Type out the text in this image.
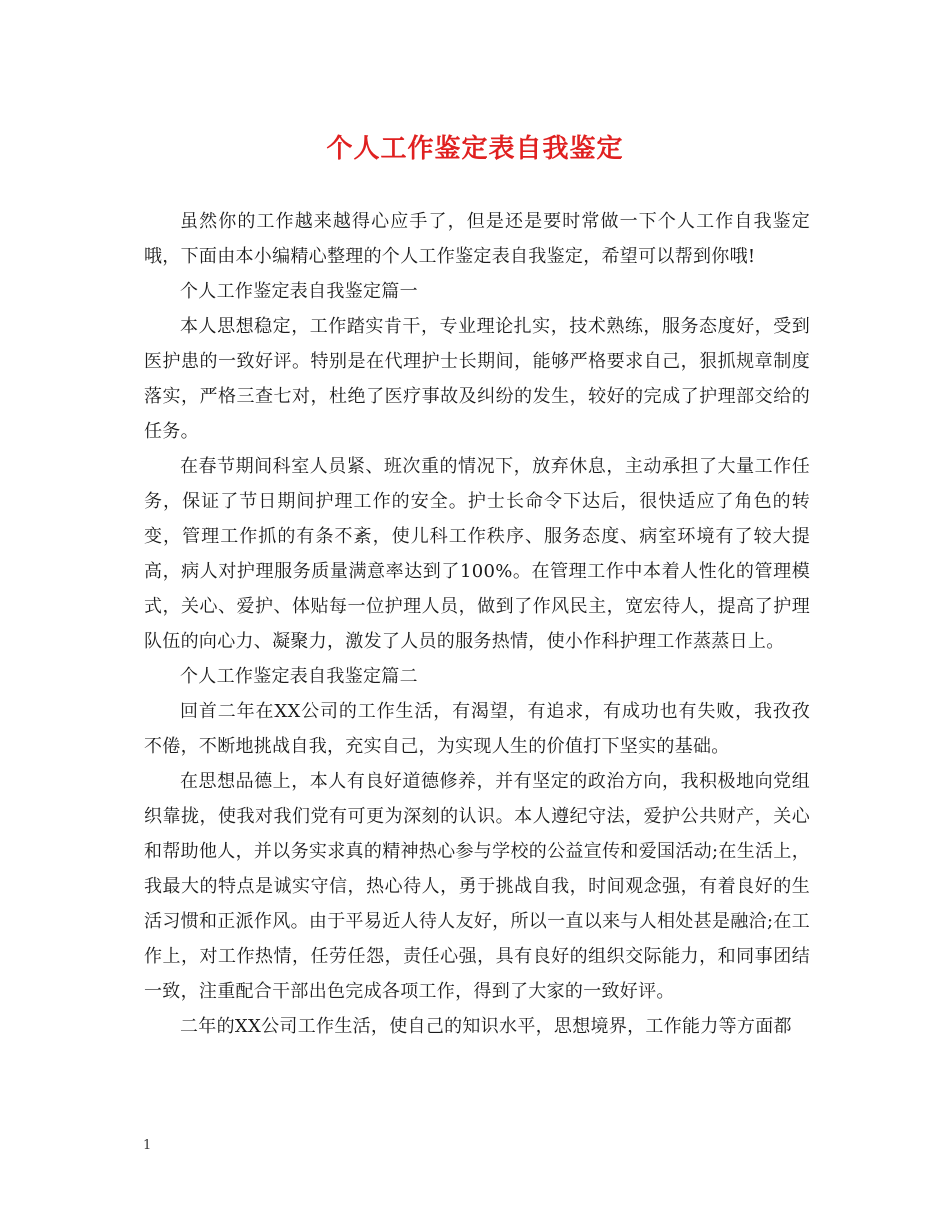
个人工作鉴定表自我鉴定

虽然你的工作越来越得心应手了，但是还是要时常做一下个人工作自我鉴定哦，下面由本小编精心整理的个人工作鉴定表自我鉴定，希望可以帮到你哦!

个人工作鉴定表自我鉴定篇一

本人思想稳定，工作踏实肯干，专业理论扎实，技术熟练，服务态度好，受到医护患的一致好评。特别是在代理护士长期间，能够严格要求自己，狠抓规章制度落实，严格三查七对，杜绝了医疗事故及纠纷的发生，较好的完成了护理部交给的任务。

在春节期间科室人员紧、班次重的情况下，放弃休息，主动承担了大量工作任务，保证了节日期间护理工作的安全。护士长命令下达后，很快适应了角色的转变，管理工作抓的有条不紊，使儿科工作秩序、服务态度、病室环境有了较大提高，病人对护理服务质量满意率达到了100%。在管理工作中本着人性化的管理模式，关心、爱护、体贴每一位护理人员，做到了作风民主，宽宏待人，提高了护理队伍的向心力、凝聚力，激发了人员的服务热情，使小作科护理工作蒸蒸日上。

个人工作鉴定表自我鉴定篇二

回首二年在XX公司的工作生活，有渴望，有追求，有成功也有失败，我孜孜不倦，不断地挑战自我，充实自己，为实现人生的价值打下坚实的基础。

在思想品德上，本人有良好道德修养，并有坚定的政治方向，我积极地向党组织靠拢，使我对我们党有可更为深刻的认识。本人遵纪守法，爱护公共财产，关心和帮助他人，并以务实求真的精神热心参与学校的公益宣传和爱国活动;在生活上，我最大的特点是诚实守信，热心待人，勇于挑战自我，时间观念强，有着良好的生活习惯和正派作风。由于平易近人待人友好，所以一直以来与人相处甚是融洽;在工作上，对工作热情，任劳任怨，责任心强，具有良好的组织交际能力，和同事团结一致，注重配合干部出色完成各项工作，得到了大家的一致好评。

二年的XX公司工作生活，使自己的知识水平，思想境界，工作能力等方面都

1
